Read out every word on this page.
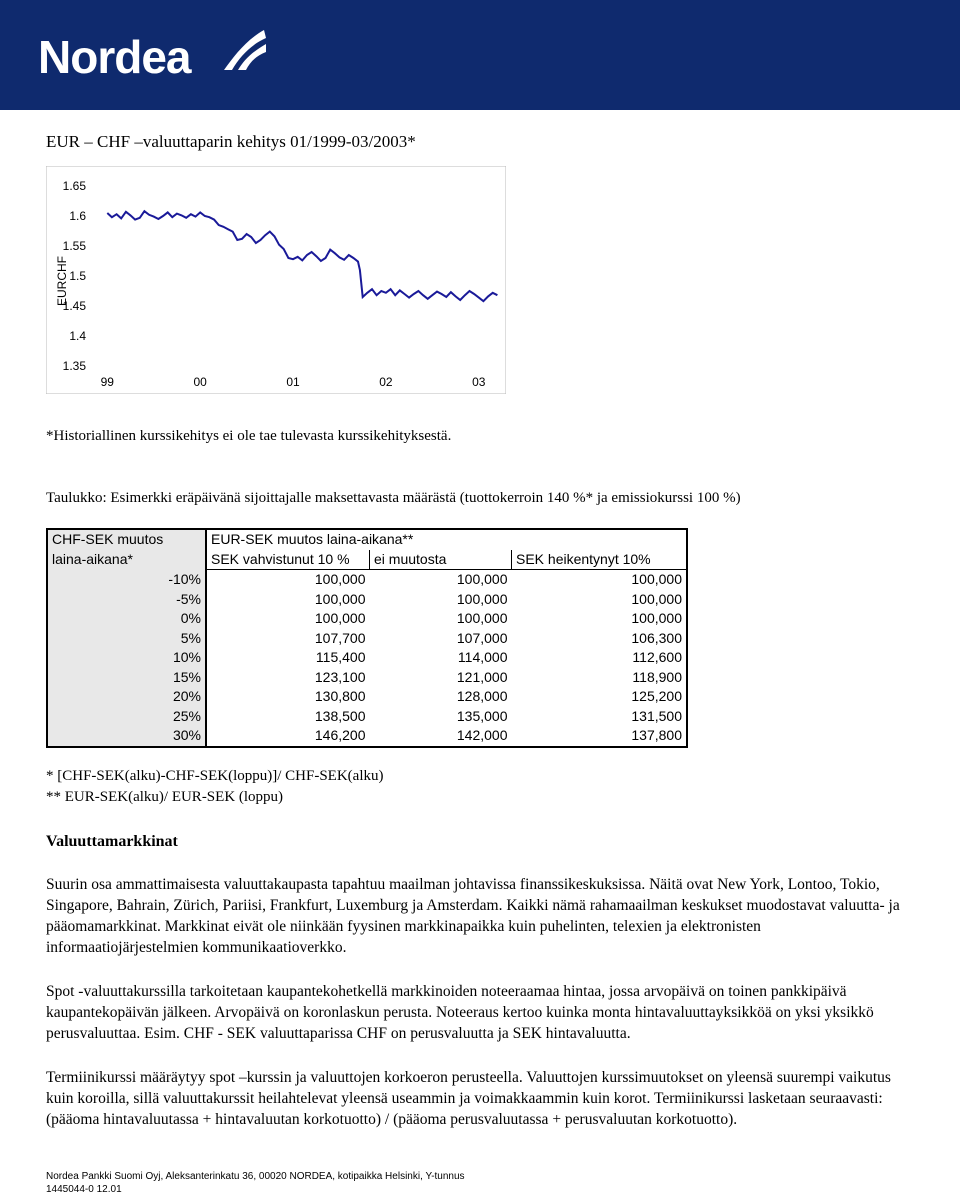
Nordea
EUR – CHF –valuuttaparin kehitys 01/1999-03/2003*
EURCHF
1.65
1.6
1.55
1.5
1.45
1.4
1.35
99	00	01	02	03
*Historiallinen kurssikehitys ei ole tae tulevasta kurssikehityksestä.
Taulukko: Esimerkki eräpäivänä sijoittajalle maksettavasta määrästä (tuottokerroin 140 %* ja emissiokurssi 100 %)
CHF-SEK muutos	EUR-SEK muutos laina-aikana**		
laina-aikana*	SEK vahvistunut 10 %	ei muutosta	SEK heikentynyt 10%
-10%	100,000	100,000	100,000
-5%	100,000	100,000	100,000
0%	100,000	100,000	100,000
5%	107,700	107,000	106,300
10%	115,400	114,000	112,600
15%	123,100	121,000	118,900
20%	130,800	128,000	125,200
25%	138,500	135,000	131,500
30%	146,200	142,000	137,800
* [CHF-SEK(alku)-CHF-SEK(loppu)]/ CHF-SEK(alku)
** EUR-SEK(alku)/ EUR-SEK (loppu)
Valuuttamarkkinat
Suurin osa ammattimaisesta valuuttakaupasta tapahtuu maailman johtavissa finanssikeskuksissa. Näitä ovat New York, Lontoo, Tokio, Singapore, Bahrain, Zürich, Pariisi, Frankfurt, Luxemburg ja Amsterdam. Kaikki nämä rahamaailman keskukset muodostavat valuutta- ja pääomamarkkinat. Markkinat eivät ole niinkään fyysinen markkinapaikka kuin puhelinten, telexien ja elektronisten informaatiojärjestelmien kommunikaatioverkko.
Spot -valuuttakurssilla tarkoitetaan kaupantekohetkellä markkinoiden noteeraamaa hintaa, jossa arvopäivä on toinen pankkipäivä kaupantekopäivän jälkeen. Arvopäivä on koronlaskun perusta. Noteeraus kertoo kuinka monta hintavaluuttayksikköä on yksi yksikkö perusvaluuttaa. Esim. CHF - SEK valuuttaparissa CHF on perusvaluutta ja SEK hintavaluutta.
Termiinikurssi määräytyy spot –kurssin ja valuuttojen korkoeron perusteella. Valuuttojen kurssimuutokset on yleensä suurempi vaikutus kuin koroilla, sillä valuuttakurssit heilahtelevat yleensä useammin ja voimakkaammin kuin korot. Termiinikurssi lasketaan seuraavasti: (pääoma hintavaluutassa + hintavaluutan korkotuotto) / (pääoma perusvaluutassa + perusvaluutan korkotuotto).
Nordea Pankki Suomi Oyj, Aleksanterinkatu 36, 00020 NORDEA, kotipaikka Helsinki, Y-tunnus 1445044-0 12.01
